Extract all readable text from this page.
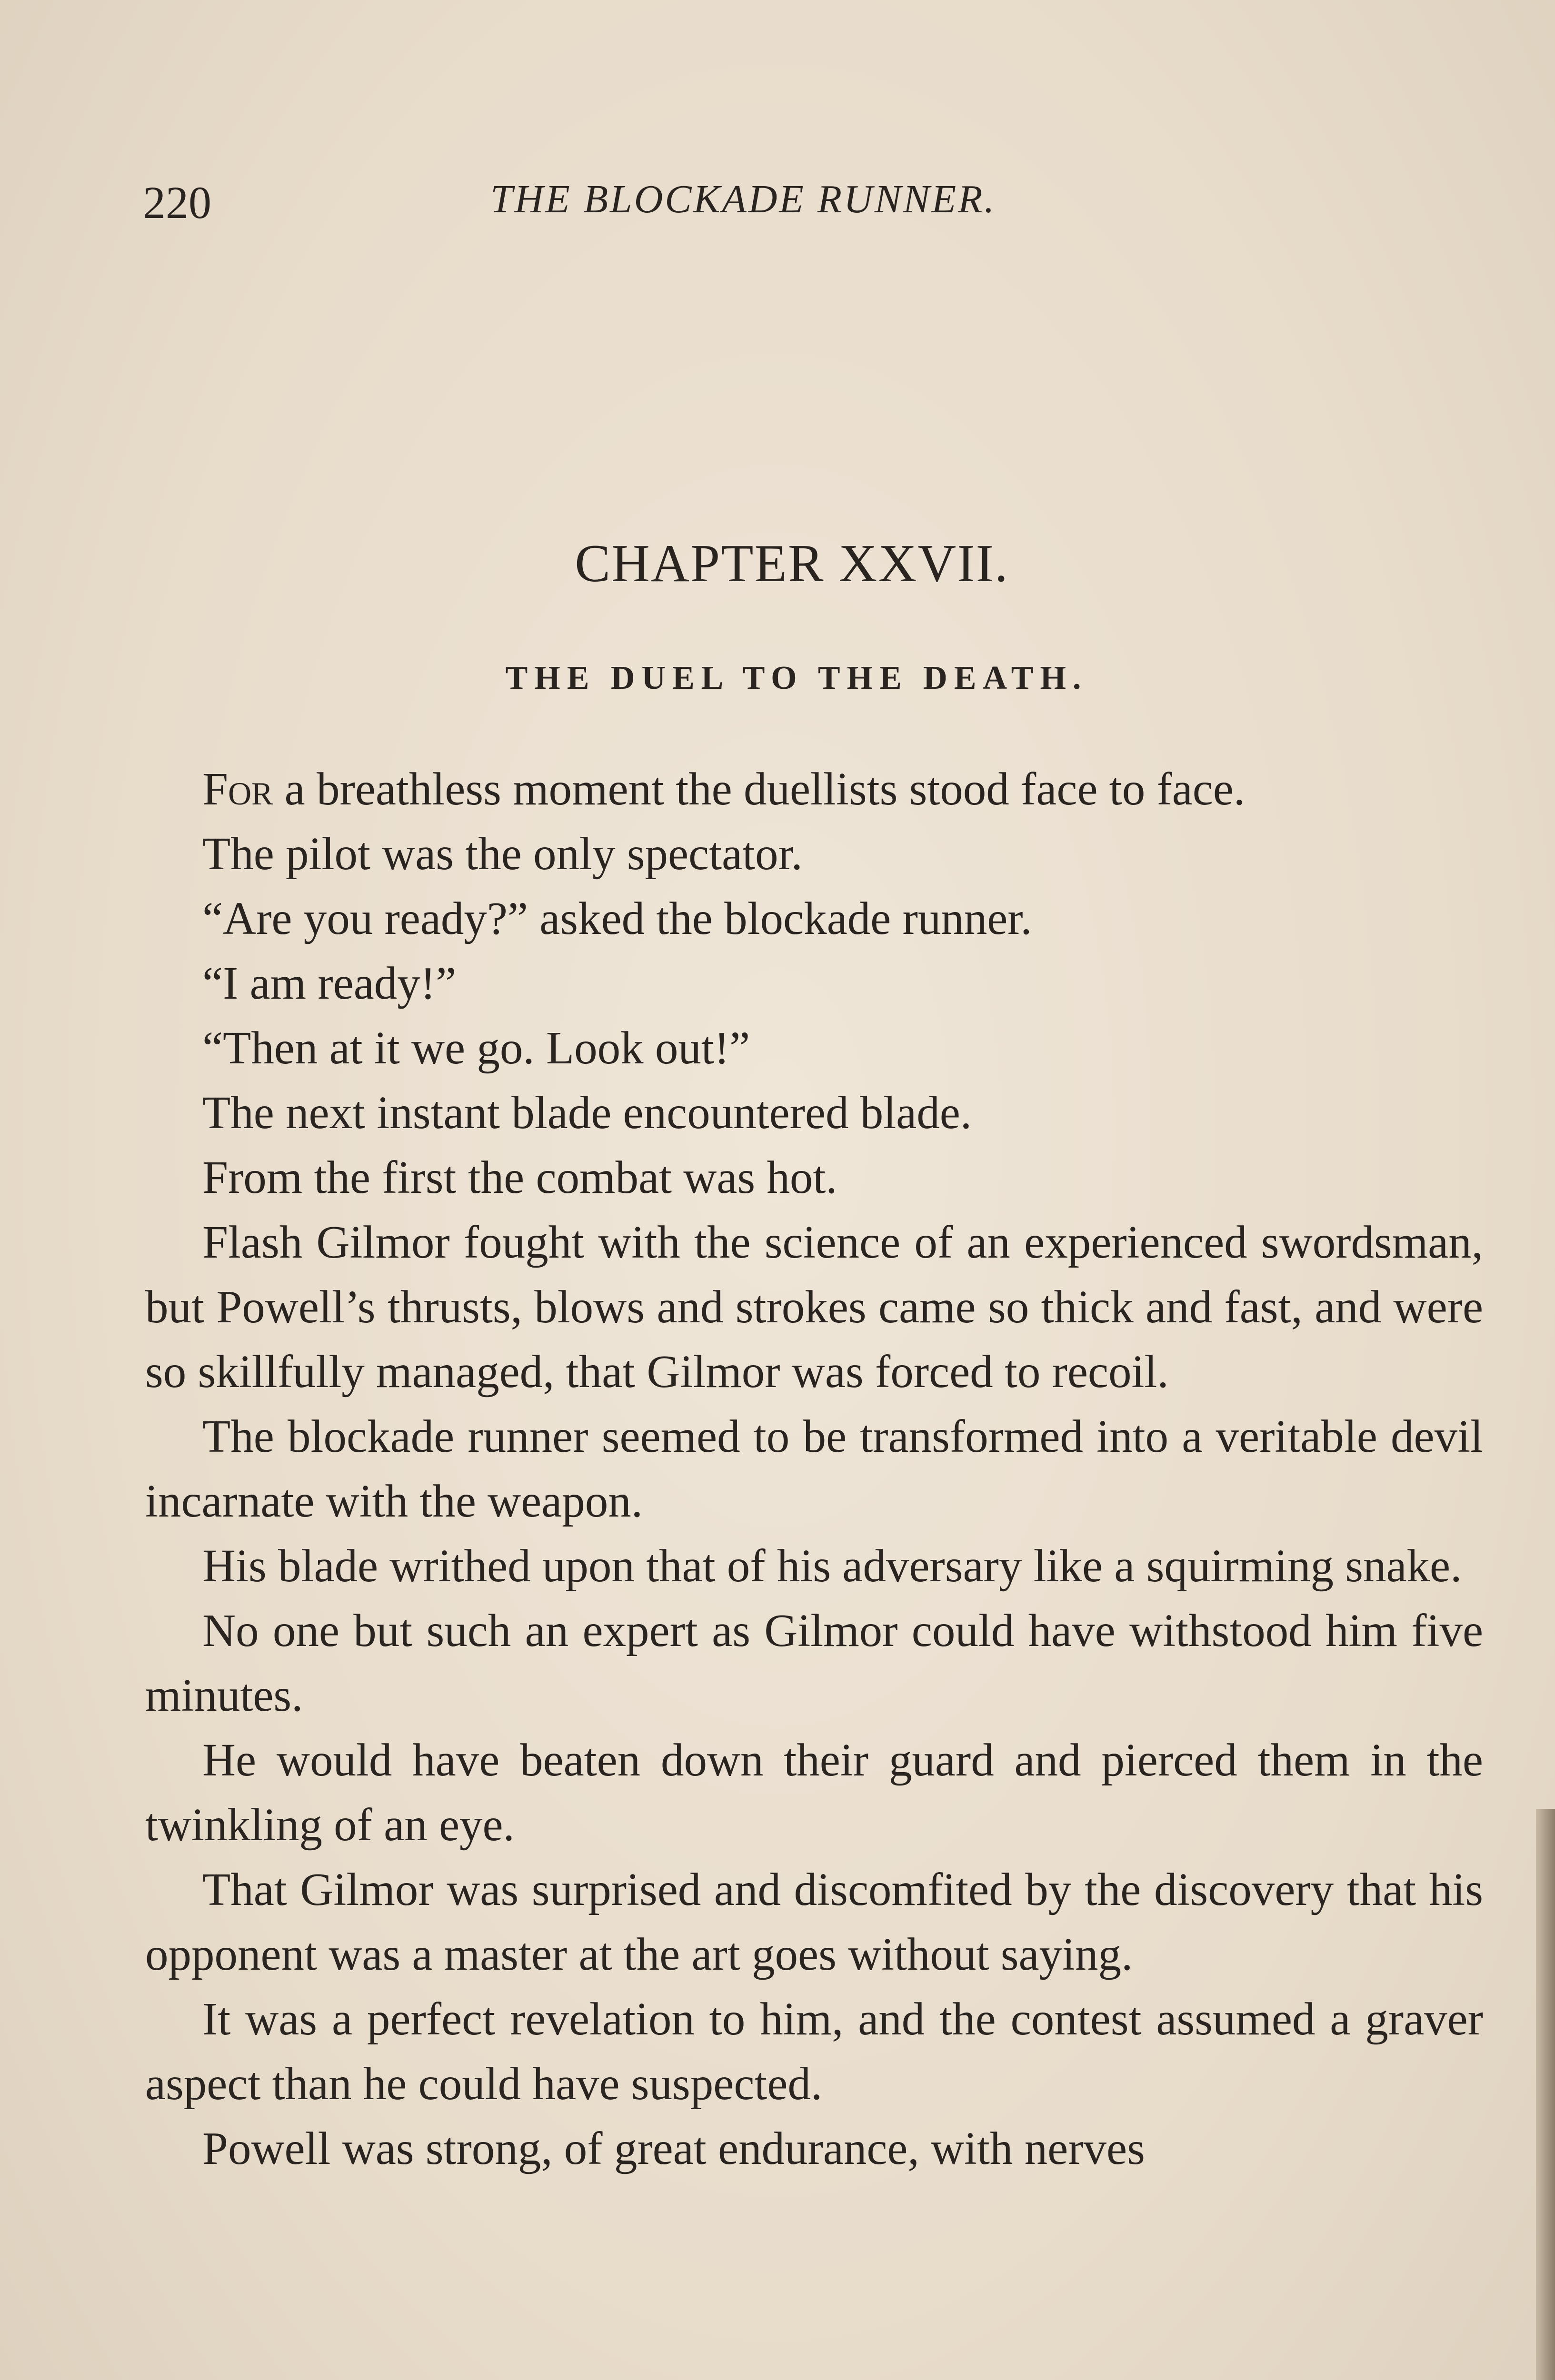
220	THE BLOCKADE RUNNER.
CHAPTER XXVII.
THE DUEL TO THE DEATH.

For a breathless moment the duellists stood face to face.

The pilot was the only spectator.

“Are you ready?” asked the blockade runner.

“I am ready!”

“Then at it we go. Look out!”

The next instant blade encountered blade.

From the first the combat was hot.

Flash Gilmor fought with the science of an experienced swordsman, but Powell’s thrusts, blows and strokes came so thick and fast, and were so skillfully managed, that Gilmor was forced to recoil.

The blockade runner seemed to be transformed into a veritable devil incarnate with the weapon.

His blade writhed upon that of his adversary like a squirming snake.

No one but such an expert as Gilmor could have withstood him five minutes.

He would have beaten down their guard and pierced them in the twinkling of an eye.

That Gilmor was surprised and discomfited by the discovery that his opponent was a master at the art goes without saying.

It was a perfect revelation to him, and the contest assumed a graver aspect than he could have suspected.

Powell was strong, of great endurance, with nerves
